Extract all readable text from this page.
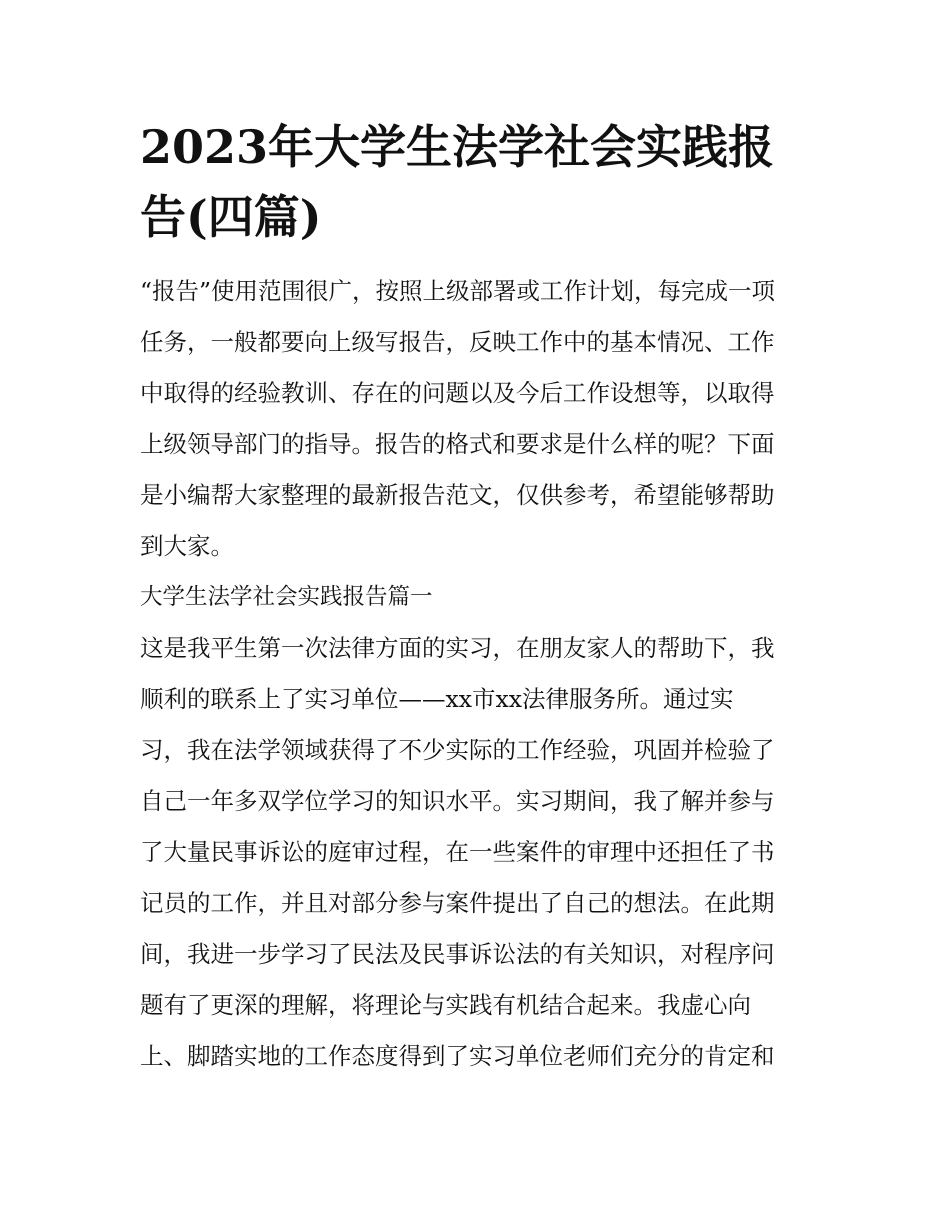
2023年大学生法学社会实践报
告(四篇)
“报告”使用范围很广，按照上级部署或工作计划，每完成一项
任务，一般都要向上级写报告，反映工作中的基本情况、工作
中取得的经验教训、存在的问题以及今后工作设想等，以取得
上级领导部门的指导。报告的格式和要求是什么样的呢？下面
是小编帮大家整理的最新报告范文，仅供参考，希望能够帮助
到大家。
大学生法学社会实践报告篇一
这是我平生第一次法律方面的实习，在朋友家人的帮助下，我
顺利的联系上了实习单位——xx市xx法律服务所。通过实
习，我在法学领域获得了不少实际的工作经验，巩固并检验了
自己一年多双学位学习的知识水平。实习期间，我了解并参与
了大量民事诉讼的庭审过程，在一些案件的审理中还担任了书
记员的工作，并且对部分参与案件提出了自己的想法。在此期
间，我进一步学习了民法及民事诉讼法的有关知识，对程序问
题有了更深的理解，将理论与实践有机结合起来。我虚心向
上、脚踏实地的工作态度得到了实习单位老师们充分的肯定和
